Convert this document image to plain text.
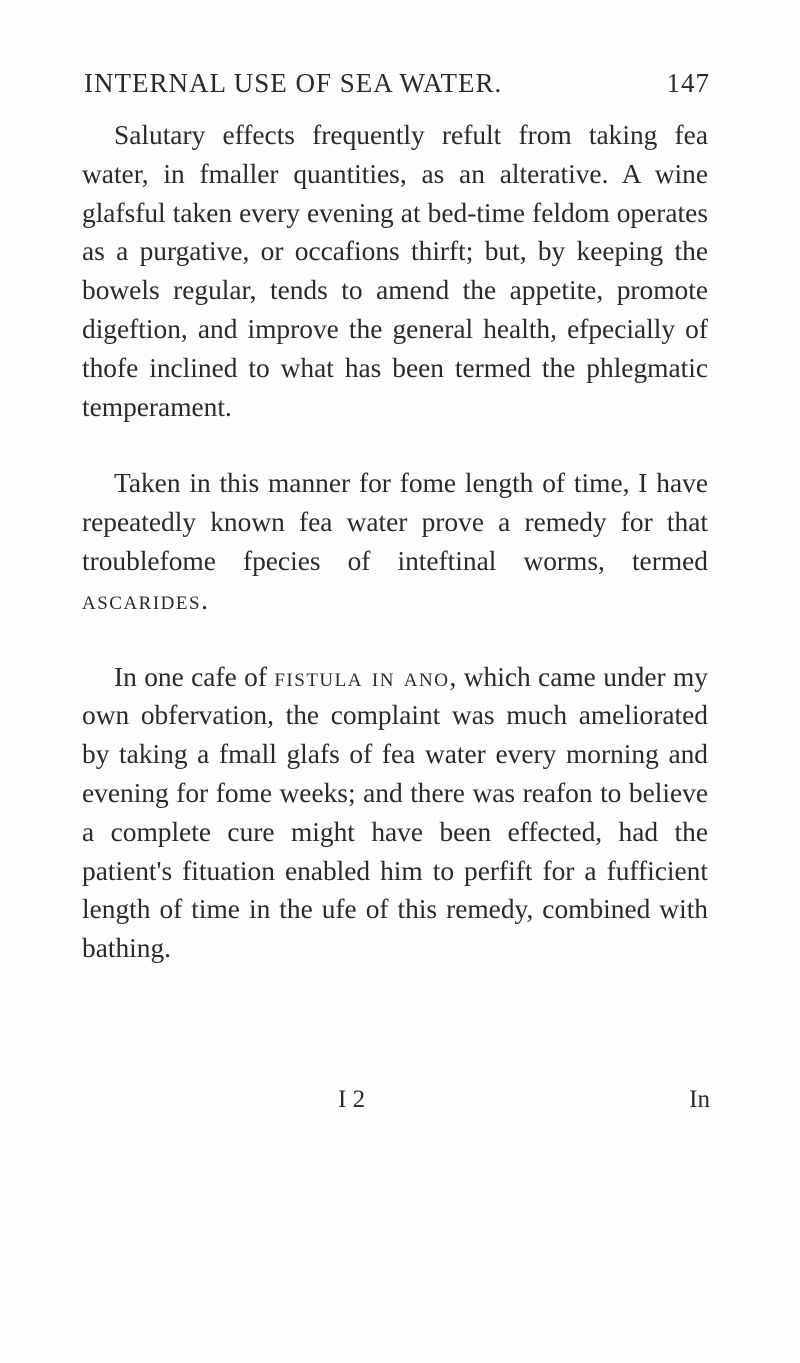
INTERNAL USE OF SEA WATER.	147

Salutary effects frequently refult from taking fea water, in fmaller quantities, as an alterative. A wine glafsful taken every evening at bed-time feldom operates as a purgative, or occafions thirft; but, by keeping the bowels regular, tends to amend the appetite, promote digeftion, and improve the general health, efpecially of thofe inclined to what has been termed the phlegmatic temperament.

Taken in this manner for fome length of time, I have repeatedly known fea water prove a remedy for that troublefome fpecies of inteftinal worms, termed ascarides.

In one cafe of fistula in ano, which came under my own obfervation, the complaint was much ameliorated by taking a fmall glafs of fea water every morning and evening for fome weeks; and there was reafon to believe a complete cure might have been effected, had the patient's fituation enabled him to perfift for a fufficient length of time in the ufe of this remedy, combined with bathing.

I 2	In
